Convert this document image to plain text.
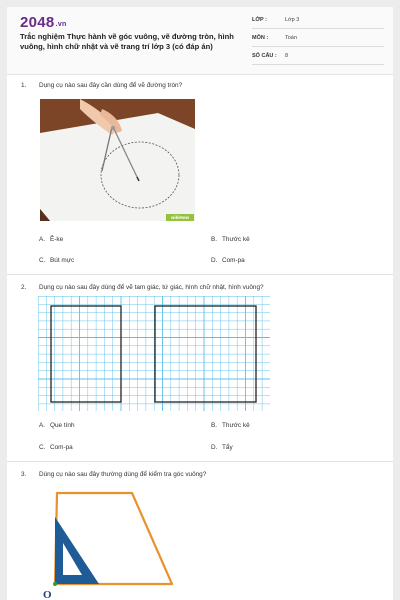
2048.vn
Trắc nghiệm Thực hành vẽ góc vuông, vẽ đường tròn, hình vuông, hình chữ nhật và vẽ trang trí lớp 3 (có đáp án)
LỚP :	Lớp 3
MÔN :	Toán
SỐ CÂU : 8
1. Dụng cụ nào sau đây cần dùng để vẽ đường tròn?
wikiHow
A. Ê-ke	B. Thước kẻ
C. Bút mực	D. Com-pa
2. Dụng cụ nào sau đây dùng để vẽ tam giác, tứ giác, hình chữ nhật, hình vuông?
A. Que tính	B. Thước kẻ
C. Com-pa	D. Tẩy
3. Dùng cụ nào sau đây thường dùng để kiểm tra góc vuông?
O
